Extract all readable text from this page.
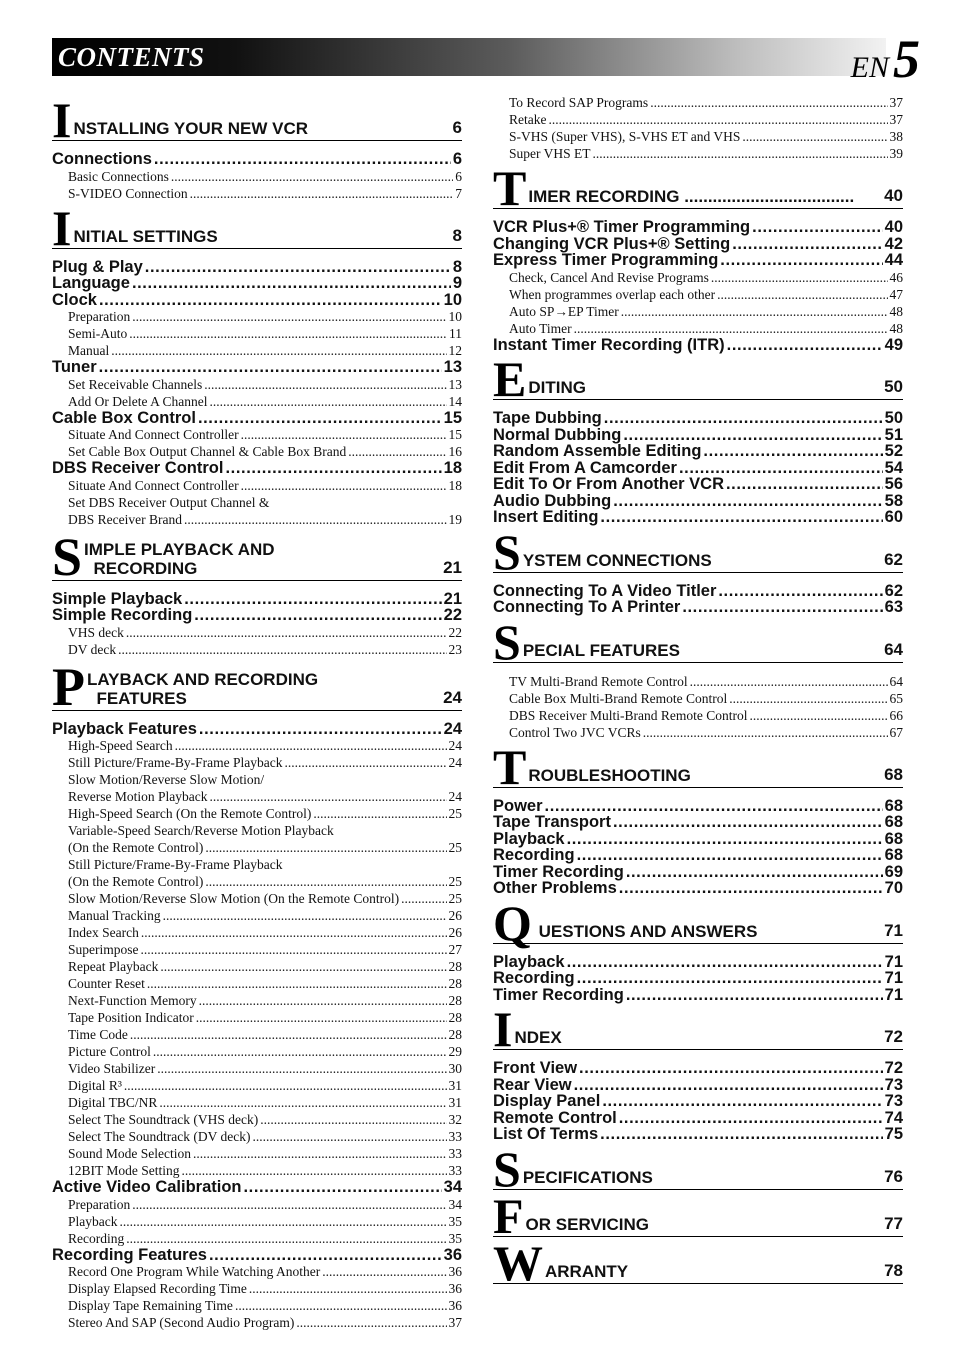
CONTENTS	EN5
I NSTALLING YOUR NEW VCR	6
Connections .....	6
Basic Connections .....	6
S-VIDEO Connection .....	7
I NITIAL SETTINGS	8
Plug & Play .....	8
Language .....	9
Clock .....	10
Preparation .....	10
Semi-Auto .....	11
Manual .....	12
Tuner .....	13
Set Receivable Channels .....	13
Add Or Delete A Channel .....	14
Cable Box Control .....	15
Situate And Connect Controller .....	15
Set Cable Box Output Channel & Cable Box Brand .....	16
DBS Receiver Control .....	18
Situate And Connect Controller .....	18
Set DBS Receiver Output Channel &
DBS Receiver Brand .....	19
S IMPLE PLAYBACK AND
RECORDING	21
Simple Playback .....	21
Simple Recording .....	22
VHS deck .....	22
DV deck .....	23
P LAYBACK AND RECORDING
FEATURES	24
Playback Features .....	24
High-Speed Search .....	24
Still Picture/Frame-By-Frame Playback .....	24
Slow Motion/Reverse Slow Motion/
Reverse Motion Playback .....	24
High-Speed Search (On the Remote Control) .....	25
Variable-Speed Search/Reverse Motion Playback
(On the Remote Control) .....	25
Still Picture/Frame-By-Frame Playback
(On the Remote Control) .....	25
Slow Motion/Reverse Slow Motion (On the Remote Control) .....	25
Manual Tracking .....	26
Index Search .....	26
Superimpose .....	27
Repeat Playback .....	28
Counter Reset .....	28
Next-Function Memory .....	28
Tape Position Indicator .....	28
Time Code .....	28
Picture Control .....	29
Video Stabilizer .....	30
Digital R³ .....	31
Digital TBC/NR .....	31
Select The Soundtrack (VHS deck) .....	32
Select The Soundtrack (DV deck) .....	33
Sound Mode Selection .....	33
12BIT Mode Setting .....	33
Active Video Calibration .....	34
Preparation .....	34
Playback .....	35
Recording .....	35
Recording Features .....	36
Record One Program While Watching Another .....	36
Display Elapsed Recording Time .....	36
Display Tape Remaining Time .....	36
Stereo And SAP (Second Audio Program) .....	37
To Record SAP Programs .....	37
Retake .....	37
S-VHS (Super VHS), S-VHS ET and VHS .....	38
Super VHS ET .....	39
T IMER RECORDING .................................... 40
VCR Plus+® Timer Programming .....	40
Changing VCR Plus+® Setting .....	42
Express Timer Programming .....	44
Check, Cancel And Revise Programs .....	46
When programmes overlap each other .....	47
Auto SP→EP Timer .....	48
Auto Timer .....	48
Instant Timer Recording (ITR) .....	49
E DITING	50
Tape Dubbing .....	50
Normal Dubbing .....	51
Random Assemble Editing .....	52
Edit From A Camcorder .....	54
Edit To Or From Another VCR .....	56
Audio Dubbing .....	58
Insert Editing .....	60
S YSTEM CONNECTIONS	62
Connecting To A Video Titler .....	62
Connecting To A Printer .....	63
S PECIAL FEATURES	64
TV Multi-Brand Remote Control .....	64
Cable Box Multi-Brand Remote Control .....	65
DBS Receiver Multi-Brand Remote Control .....	66
Control Two JVC VCRs .....	67
T ROUBLESHOOTING	68
Power .....	68
Tape Transport .....	68
Playback .....	68
Recording .....	68
Timer Recording .....	69
Other Problems .....	70
Q UESTIONS AND ANSWERS	71
Playback .....	71
Recording .....	71
Timer Recording .....	71
I NDEX	72
Front View .....	72
Rear View .....	73
Display Panel .....	73
Remote Control .....	74
List Of Terms .....	75
S PECIFICATIONS	76
F OR SERVICING	77
W ARRANTY	78
